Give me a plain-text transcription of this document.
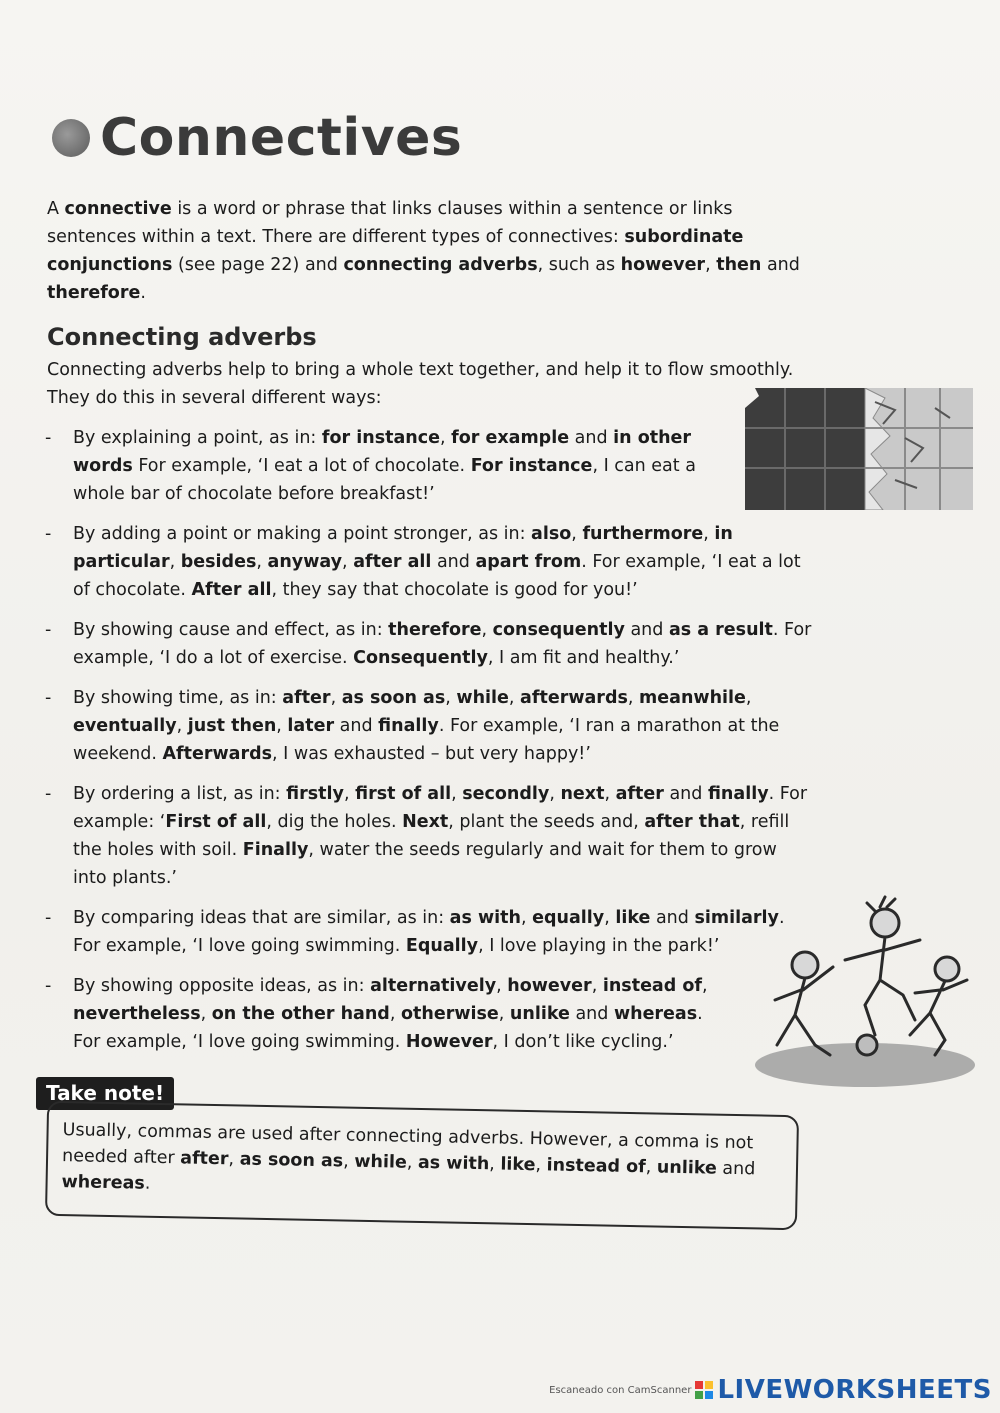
Connectives

A connective is a word or phrase that links clauses within a sentence or links sentences within a text. There are different types of connectives: subordinate conjunctions (see page 22) and connecting adverbs, such as however, then and therefore.

Connecting adverbs

Connecting adverbs help to bring a whole text together, and help it to flow smoothly. They do this in several different ways:

- By explaining a point, as in: for instance, for example and in other words For example, ‘I eat a lot of chocolate. For instance, I can eat a whole bar of chocolate before breakfast!’
- By adding a point or making a point stronger, as in: also, furthermore, in particular, besides, anyway, after all and apart from. For example, ‘I eat a lot of chocolate. After all, they say that chocolate is good for you!’
- By showing cause and effect, as in: therefore, consequently and as a result. For example, ‘I do a lot of exercise. Consequently, I am fit and healthy.’
- By showing time, as in: after, as soon as, while, afterwards, meanwhile, eventually, just then, later and finally. For example, ‘I ran a marathon at the weekend. Afterwards, I was exhausted – but very happy!’
- By ordering a list, as in: firstly, first of all, secondly, next, after and finally. For example: ‘First of all, dig the holes. Next, plant the seeds and, after that, refill the holes with soil. Finally, water the seeds regularly and wait for them to grow into plants.’
- By comparing ideas that are similar, as in: as with, equally, like and similarly. For example, ‘I love going swimming. Equally, I love playing in the park!’
- By showing opposite ideas, as in: alternatively, however, instead of, nevertheless, on the other hand, otherwise, unlike and whereas. For example, ‘I love going swimming. However, I don’t like cycling.’
Take note!
Usually, commas are used after connecting adverbs. However, a comma is not needed after after, as soon as, while, as with, like, instead of, unlike and whereas.
Escaneado con CamScanner LIVEWORKSHEETS
